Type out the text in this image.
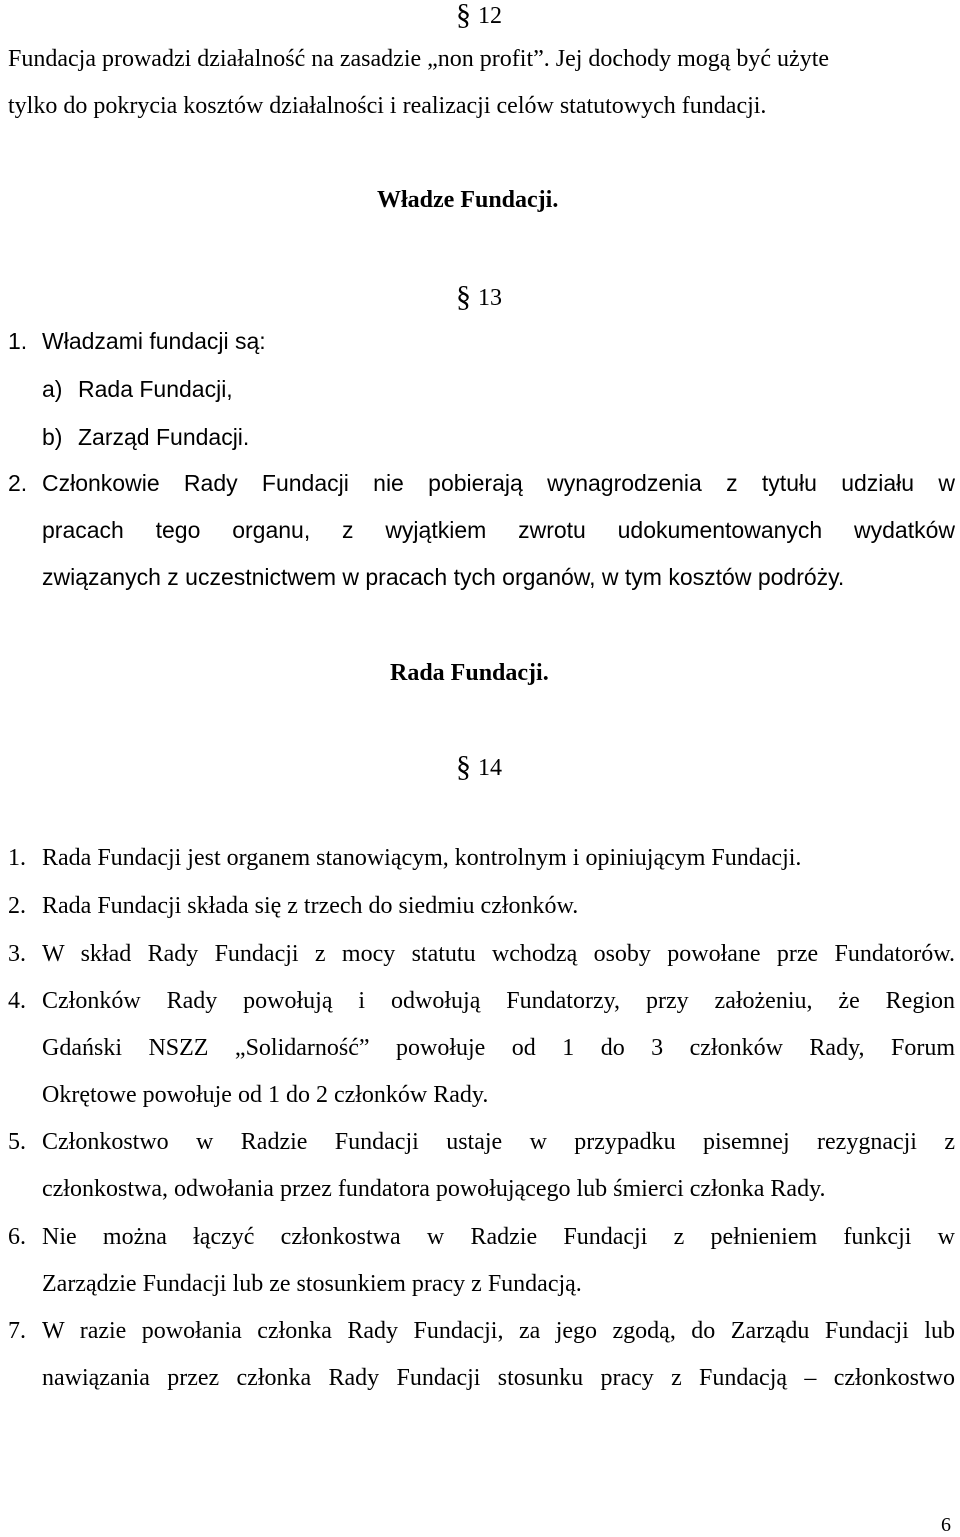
§ 12
Fundacja prowadzi działalność na zasadzie „non profit”. Jej dochody mogą być użyte
tylko do pokrycia kosztów działalności i realizacji celów statutowych fundacji.
Władze Fundacji.
§ 13
1. Władzami fundacji są:
a) Rada Fundacji,
b) Zarząd Fundacji.
2. Członkowie Rady Fundacji nie pobierają wynagrodzenia z tytułu udziału w
pracach tego organu, z wyjątkiem zwrotu udokumentowanych wydatków
związanych z uczestnictwem w pracach tych organów, w tym kosztów podróży.
Rada Fundacji.
§ 14
1. Rada Fundacji jest organem stanowiącym, kontrolnym i opiniującym Fundacji.
2. Rada Fundacji składa się z trzech do siedmiu członków.
3. W skład Rady Fundacji z mocy statutu wchodzą osoby powołane prze Fundatorów.
4. Członków Rady powołują i odwołują Fundatorzy, przy założeniu, że Region
Gdański NSZZ „Solidarność” powołuje od 1 do 3 członków Rady, Forum
Okrętowe powołuje od 1 do 2 członków Rady.
5. Członkostwo w Radzie Fundacji ustaje w przypadku pisemnej rezygnacji z
członkostwa, odwołania przez fundatora powołującego lub śmierci członka Rady.
6. Nie można łączyć członkostwa w Radzie Fundacji z pełnieniem funkcji w
Zarządzie Fundacji lub ze stosunkiem pracy z Fundacją.
7. W razie powołania członka Rady Fundacji, za jego zgodą, do Zarządu Fundacji lub
nawiązania przez członka Rady Fundacji stosunku pracy z Fundacją – członkostwo
6
